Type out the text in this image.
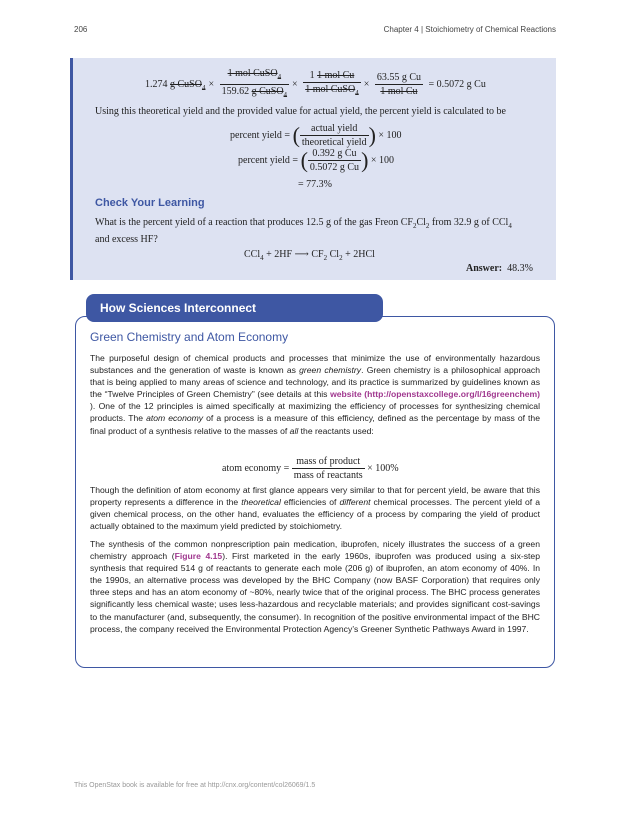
206	Chapter 4 | Stoichiometry of Chemical Reactions
1.274 g CuSO$_4$ × $\frac{1 mol CuSO_4}{159.62 g CuSO_4} \times \frac{\text{1 1 mol Cu}}{1 mol CuSO_4} \times \frac{\text{63.55 g Cu}}{\text{1 mol Cu}} = 0.5072$ g Cu
Using this theoretical yield and the provided value for actual yield, the percent yield is calculated to be
percent yield = ( $\frac{\text{actual yield}}{\text{theoretical yield}}$ ) × 100
percent yield = ( $\frac{\text{0.392 g Cu}}{\text{0.5072 g Cu}}$ ) × 100
= 77.3%
Check Your Learning
What is the percent yield of a reaction that produces 12.5 g of the gas Freon $CF_2Cl_2$ from 32.9 g of CCl$_4$
and excess HF?
CCl$_4$ + 2HF ⟶ $CF_2$ $Cl_2 + 2HCl$
Answer: 48.3%
How Sciences Interconnect
Green Chemistry and Atom Economy
The purposeful design of chemical products and processes that minimize the use of environmentally hazardous substances and the generation of waste is known as green chemistry. Green chemistry is a philosophical approach that is being applied to many areas of science and technology, and its practice is summarized by guidelines known as the “Twelve Principles of Green Chemistry” (see details at this website (http://openstaxcollege.org/l/16greenchem) ). One of the 12 principles is aimed specifically at maximizing the efficiency of processes for synthesizing chemical products. The atom economy of a process is a measure of this efficiency, defined as the percentage by mass of the final product of a synthesis relative to the masses of all the reactants used:
atom economy = $\frac{\text{mass of product}}{\text{mass of reactants}} \times 100\%$
Though the definition of atom economy at first glance appears very similar to that for percent yield, be aware that this property represents a difference in the theoretical efficiencies of different chemical processes. The percent yield of a given chemical process, on the other hand, evaluates the efficiency of a process by comparing the yield of product actually obtained to the maximum yield predicted by stoichiometry.
The synthesis of the common nonprescription pain medication, ibuprofen, nicely illustrates the success of a green chemistry approach (Figure 4.15). First marketed in the early 1960s, ibuprofen was produced using a six-step synthesis that required 514 g of reactants to generate each mole (206 g) of ibuprofen, an atom economy of 40%. In the 1990s, an alternative process was developed by the BHC Company (now BASF Corporation) that requires only three steps and has an atom economy of ~80%, nearly twice that of the original process. The BHC process generates significantly less chemical waste; uses less-hazardous and recyclable materials; and provides significant cost-savings to the manufacturer (and, subsequently, the consumer). In recognition of the positive environmental impact of the BHC process, the company received the Environmental Protection Agency’s Greener Synthetic Pathways Award in 1997.
This OpenStax book is available for free at http://cnx.org/content/col26069/1.5
